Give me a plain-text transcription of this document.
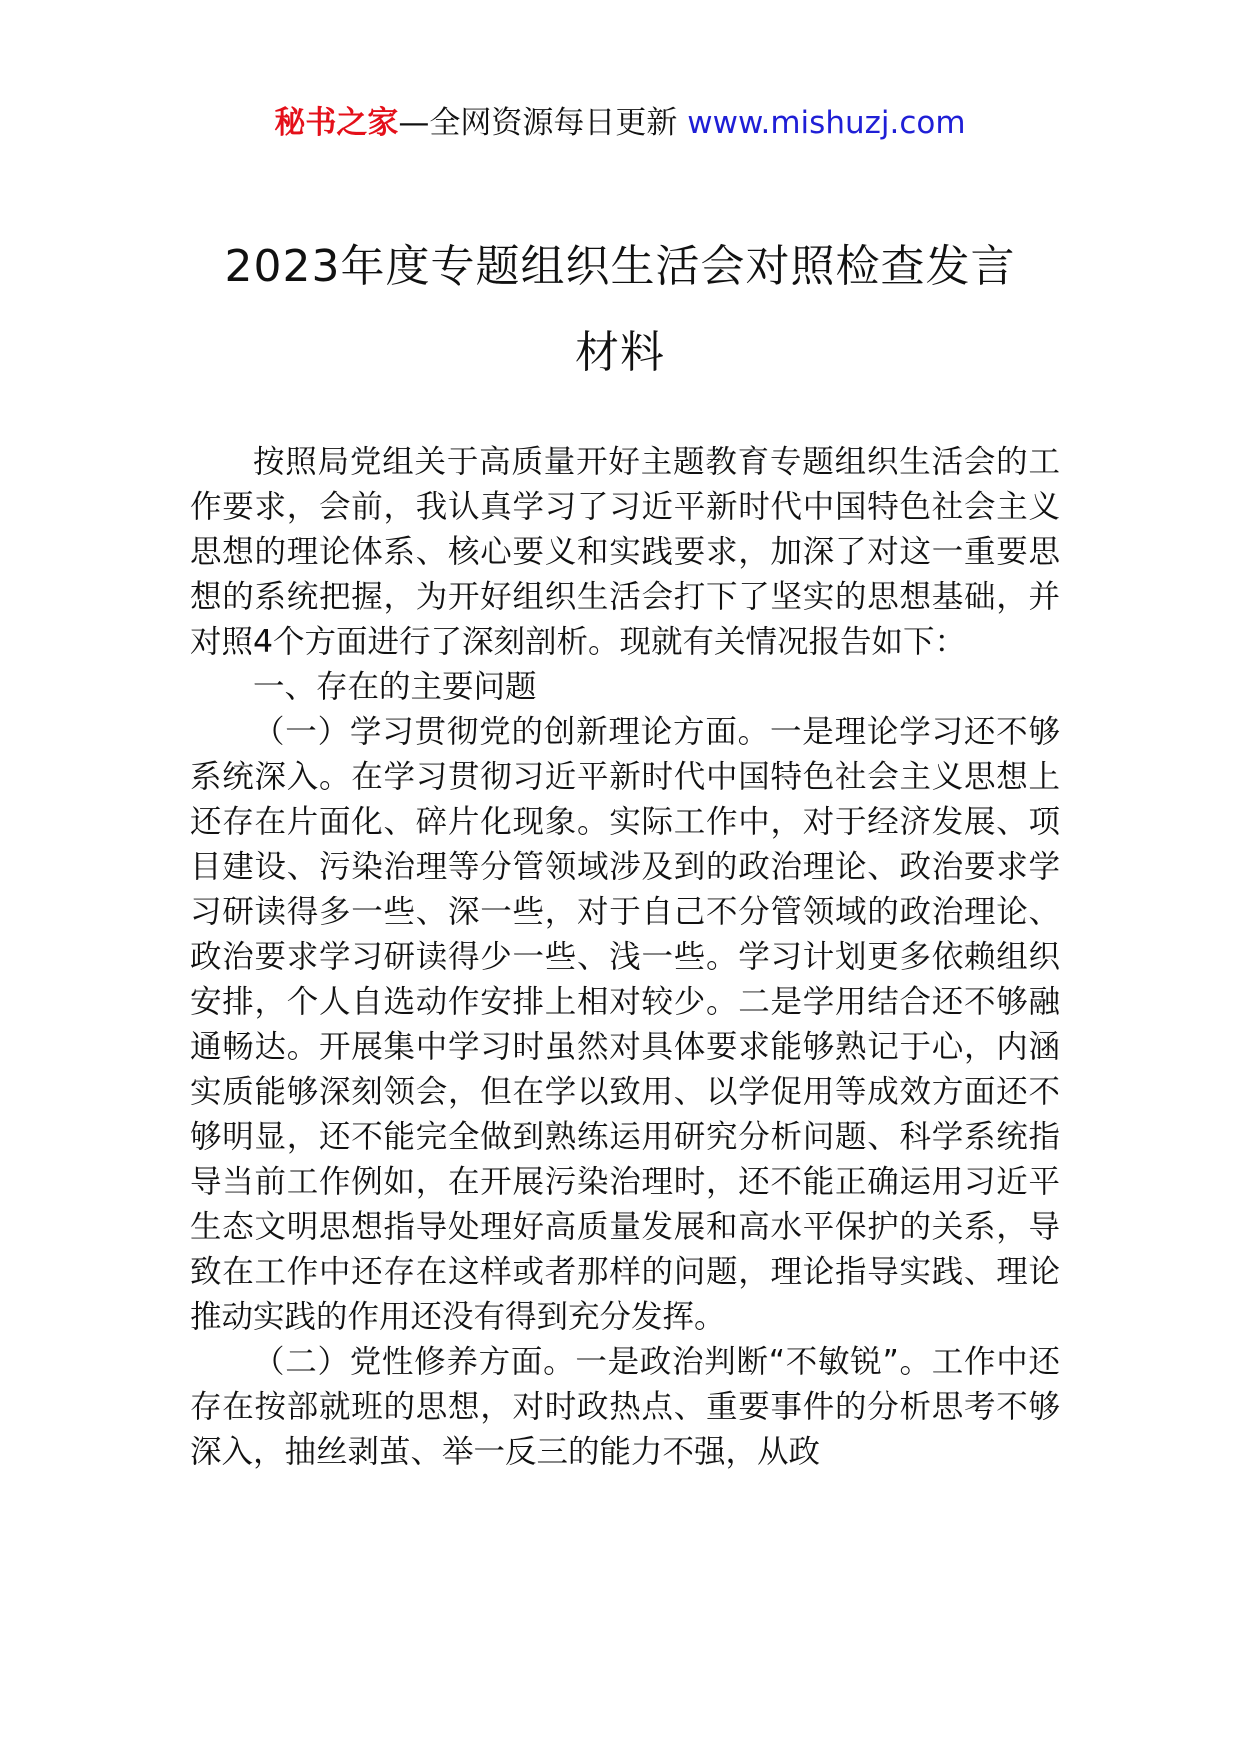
秘书之家—全网资源每日更新 www.mishuzj.com
2023年度专题组织生活会对照检查发言
材料

按照局党组关于高质量开好主题教育专题组织生活会的工作要求，会前，我认真学习了习近平新时代中国特色社会主义思想的理论体系、核心要义和实践要求，加深了对这一重要思想的系统把握，为开好组织生活会打下了坚实的思想基础，并对照4个方面进行了深刻剖析。现就有关情况报告如下：

一、存在的主要问题

（一）学习贯彻党的创新理论方面。一是理论学习还不够系统深入。在学习贯彻习近平新时代中国特色社会主义思想上还存在片面化、碎片化现象。实际工作中，对于经济发展、项目建设、污染治理等分管领域涉及到的政治理论、政治要求学习研读得多一些、深一些，对于自己不分管领域的政治理论、政治要求学习研读得少一些、浅一些。学习计划更多依赖组织安排，个人自选动作安排上相对较少。二是学用结合还不够融通畅达。开展集中学习时虽然对具体要求能够熟记于心，内涵实质能够深刻领会，但在学以致用、以学促用等成效方面还不够明显，还不能完全做到熟练运用研究分析问题、科学系统指导当前工作例如，在开展污染治理时，还不能正确运用习近平生态文明思想指导处理好高质量发展和高水平保护的关系，导致在工作中还存在这样或者那样的问题，理论指导实践、理论推动实践的作用还没有得到充分发挥。

（二）党性修养方面。一是政治判断“不敏锐”。工作中还存在按部就班的思想，对时政热点、重要事件的分析思考不够深入，抽丝剥茧、举一反三的能力不强，从政
